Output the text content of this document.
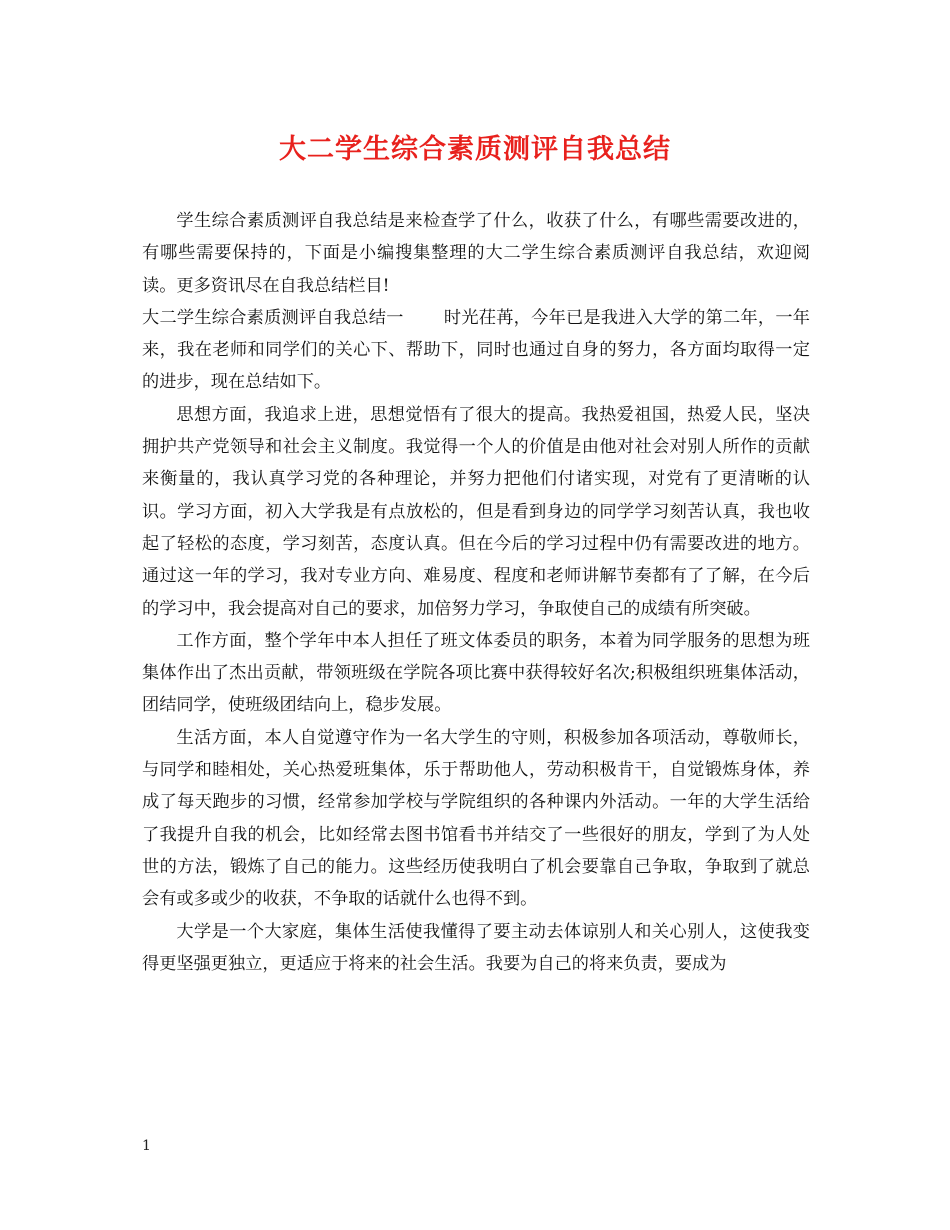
大二学生综合素质测评自我总结

学生综合素质测评自我总结是来检查学了什么，收获了什么，有哪些需要改进的，有哪些需要保持的，下面是小编搜集整理的大二学生综合素质测评自我总结，欢迎阅读。更多资讯尽在自我总结栏目!

大二学生综合素质测评自我总结一 时光茌苒，今年已是我进入大学的第二年，一年来，我在老师和同学们的关心下、帮助下，同时也通过自身的努力，各方面均取得一定的进步，现在总结如下。

思想方面，我追求上进，思想觉悟有了很大的提高。我热爱祖国，热爱人民，坚决拥护共产党领导和社会主义制度。我觉得一个人的价值是由他对社会对别人所作的贡献来衡量的，我认真学习党的各种理论，并努力把他们付诸实现，对党有了更清晰的认识。学习方面，初入大学我是有点放松的，但是看到身边的同学学习刻苦认真，我也收起了轻松的态度，学习刻苦，态度认真。但在今后的学习过程中仍有需要改进的地方。通过这一年的学习，我对专业方向、难易度、程度和老师讲解节奏都有了了解，在今后的学习中，我会提高对自己的要求，加倍努力学习，争取使自己的成绩有所突破。

工作方面，整个学年中本人担任了班文体委员的职务，本着为同学服务的思想为班集体作出了杰出贡献，带领班级在学院各项比赛中获得较好名次;积极组织班集体活动，团结同学，使班级团结向上，稳步发展。

生活方面，本人自觉遵守作为一名大学生的守则，积极参加各项活动，尊敬师长，与同学和睦相处，关心热爱班集体，乐于帮助他人，劳动积极肯干，自觉锻炼身体，养成了每天跑步的习惯，经常参加学校与学院组织的各种课内外活动。一年的大学生活给了我提升自我的机会，比如经常去图书馆看书并结交了一些很好的朋友，学到了为人处世的方法，锻炼了自己的能力。这些经历使我明白了机会要靠自己争取，争取到了就总会有或多或少的收获，不争取的话就什么也得不到。

大学是一个大家庭，集体生活使我懂得了要主动去体谅别人和关心别人，这使我变得更坚强更独立，更适应于将来的社会生活。我要为自己的将来负责，要成为

1
